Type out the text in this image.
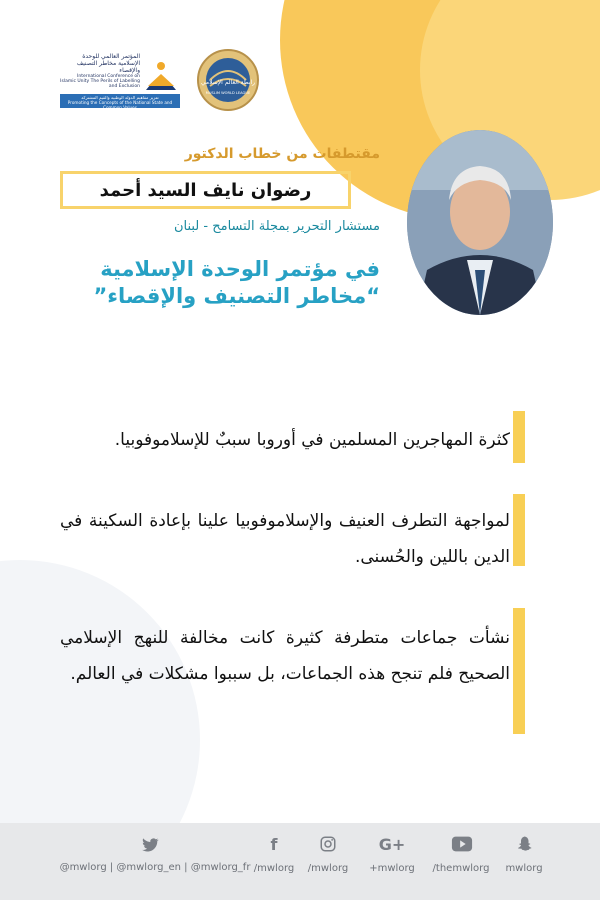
المؤتمر العالمي للوحدة الإسلامية مخاطر التصنيف والإقصاء
International Conference on Islamic Unity The Perils of Labelling and Exclusion
تعزيز مفاهيم الدولة الوطنية والقيم المشتركة
Promoting the Concepts of the National State and Common Values
رابطة العالم الإسلامي
MUSLIM WORLD LEAGUE
مقتطفات من خطاب الدكتور
رضوان نايف السيد أحمد
مستشار التحرير بمجلة التسامح - لبنان
في مؤتمر الوحدة الإسلامية
“مخاطر التصنيف والإقصاء”
كثرة المهاجرين المسلمين في أوروبا سببٌ للإسلاموفوبيا.
لمواجهة التطرف العنيف والإسلاموفوبيا علينا بإعادة السكينة في الدين باللين والحُسنى.
نشأت جماعات متطرفة كثيرة كانت مخالفة للنهج الإسلامي الصحيح فلم تنجح هذه الجماعات، بل سببوا مشكلات في العالم.
@mwlorg | @mwlorg_en | @mwlorg_fr
f
/mwlorg	/mwlorg
G+
+mwlorg	/themwlorg	mwlorg
